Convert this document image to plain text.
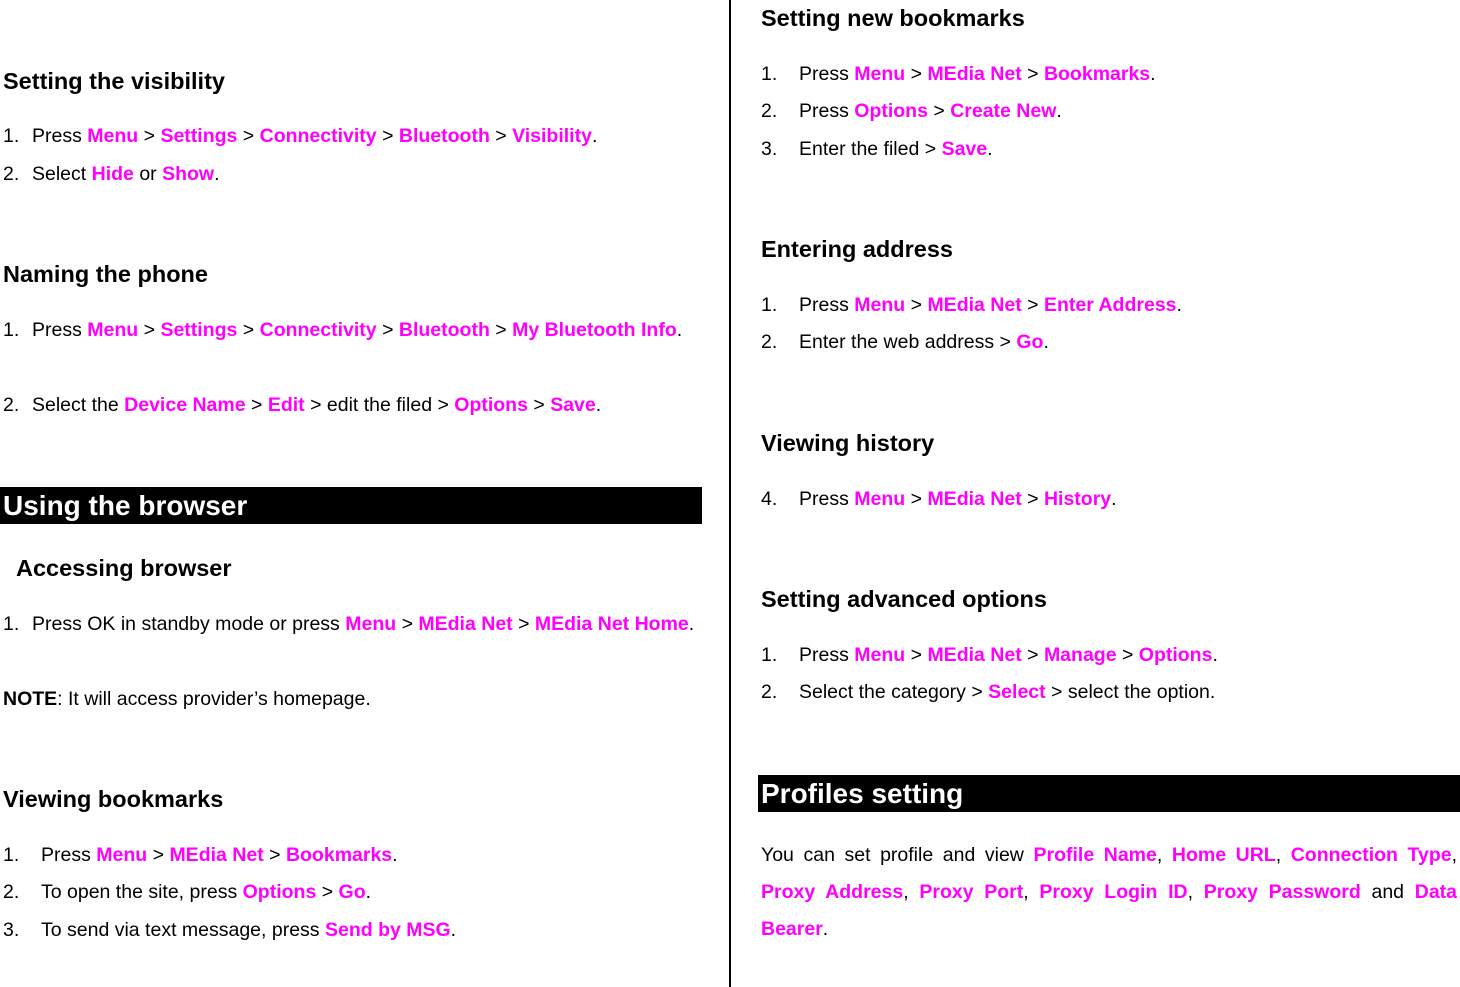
Setting the visibility
1. Press Menu > Settings > Connectivity > Bluetooth > Visibility.
2. Select Hide or Show.
Naming the phone
1. Press Menu > Settings > Connectivity > Bluetooth > My Bluetooth Info.
2. Select the Device Name > Edit > edit the filed > Options > Save.
Using the browser
Accessing browser
1. Press OK in standby mode or press Menu > MEdia Net > MEdia Net Home.
NOTE: It will access provider’s homepage.
Viewing bookmarks
1. Press Menu > MEdia Net > Bookmarks.
2. To open the site, press Options > Go.
3. To send via text message, press Send by MSG.
Setting new bookmarks
1. Press Menu > MEdia Net > Bookmarks.
2. Press Options > Create New.
3. Enter the filed > Save.
Entering address
1. Press Menu > MEdia Net > Enter Address.
2. Enter the web address > Go.
Viewing history
4. Press Menu > MEdia Net > History.
Setting advanced options
1. Press Menu > MEdia Net > Manage > Options.
2. Select the category > Select > select the option.
Profiles setting
You can set profile and view Profile Name, Home URL, Connection Type, Proxy Address, Proxy Port, Proxy Login ID, Proxy Password and Data Bearer.
